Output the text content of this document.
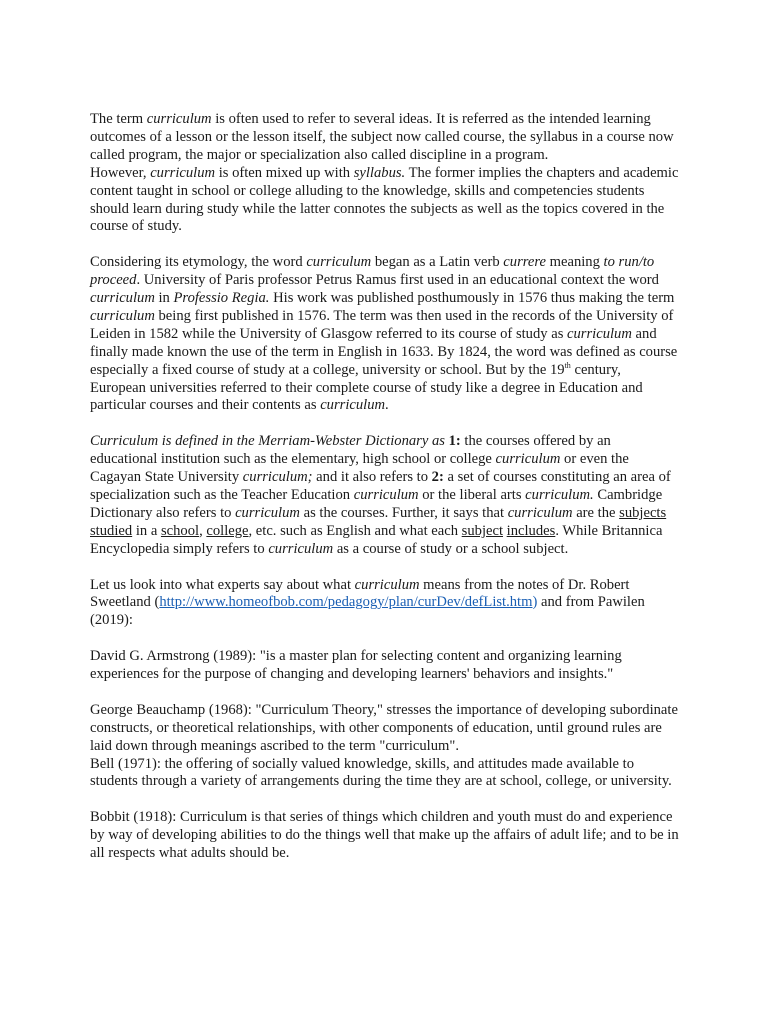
The term curriculum is often used to refer to several ideas. It is referred as the intended learning outcomes of a lesson or the lesson itself, the subject now called course, the syllabus in a course now called program, the major or specialization also called discipline in a program.

However, curriculum is often mixed up with syllabus. The former implies the chapters and academic content taught in school or college alluding to the knowledge, skills and competencies students should learn during study while the latter connotes the subjects as well as the topics covered in the course of study.

Considering its etymology, the word curriculum began as a Latin verb currere meaning to run/to proceed. University of Paris professor Petrus Ramus first used in an educational context the word curriculum in Professio Regia. His work was published posthumously in 1576 thus making the term curriculum being first published in 1576. The term was then used in the records of the University of Leiden in 1582 while the University of Glasgow referred to its course of study as curriculum and finally made known the use of the term in English in 1633. By 1824, the word was defined as course especially a fixed course of study at a college, university or school. But by the 19th century, European universities referred to their complete course of study like a degree in Education and particular courses and their contents as curriculum.

Curriculum is defined in the Merriam-Webster Dictionary as 1: the courses offered by an educational institution such as the elementary, high school or college curriculum or even the Cagayan State University curriculum; and it also refers to 2: a set of courses constituting an area of specialization such as the Teacher Education curriculum or the liberal arts curriculum. Cambridge Dictionary also refers to curriculum as the courses. Further, it says that curriculum are the subjects studied in a school, college, etc. such as English and what each subject includes. While Britannica Encyclopedia simply refers to curriculum as a course of study or a school subject.

Let us look into what experts say about what curriculum means from the notes of Dr. Robert Sweetland (http://www.homeofbob.com/pedagogy/plan/curDev/defList.htm) and from Pawilen (2019):

David G. Armstrong (1989): "is a master plan for selecting content and organizing learning experiences for the purpose of changing and developing learners' behaviors and insights."

George Beauchamp (1968): "Curriculum Theory," stresses the importance of developing subordinate constructs, or theoretical relationships, with other components of education, until ground rules are laid down through meanings ascribed to the term "curriculum".

Bell (1971): the offering of socially valued knowledge, skills, and attitudes made available to students through a variety of arrangements during the time they are at school, college, or university.

Bobbit (1918): Curriculum is that series of things which children and youth must do and experience by way of developing abilities to do the things well that make up the affairs of adult life; and to be in all respects what adults should be.
